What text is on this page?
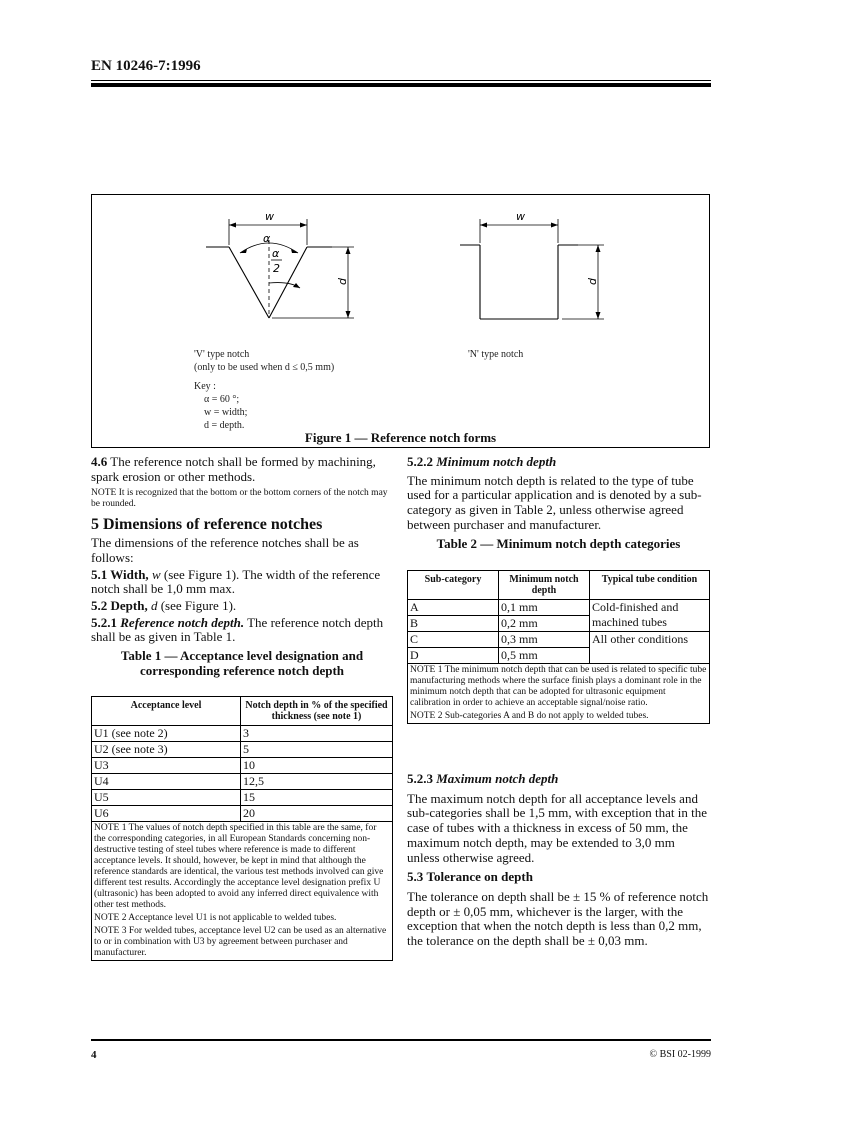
EN 10246-7:1996
w
α
α
2
d
w
d
'V' type notch
(only to be used when d ≤ 0,5 mm)
Key :
α = 60 °;
w = width;
d = depth.
'N' type notch
Figure 1 — Reference notch forms

4.6 The reference notch shall be formed by machining, spark erosion or other methods.

NOTE It is recognized that the bottom or the bottom corners of the notch may be rounded.

5 Dimensions of reference notches

The dimensions of the reference notches shall be as follows:

5.1 Width, w (see Figure 1). The width of the reference notch shall be 1,0 mm max.

5.2 Depth, d (see Figure 1).

5.2.1 Reference notch depth. The reference notch depth shall be as given in Table 1.

Table 1 — Acceptance level designation and
corresponding reference notch depth
Acceptance level	Notch depth in % of the specified thickness (see note 1)
U1 (see note 2)	3
U2 (see note 3)	5
U3	10
U4	12,5
U5	15
U6	20
NOTE 1 The values of notch depth specified in this table are the same, for the corresponding categories, in all European Standards concerning non-destructive testing of steel tubes where reference is made to different acceptance levels. It should, however, be kept in mind that although the reference standards are identical, the various test methods involved can give different test results. Accordingly the acceptance level designation prefix U (ultrasonic) has been adopted to avoid any inferred direct equivalence with other test methods.
NOTE 2 Acceptance level U1 is not applicable to welded tubes.
NOTE 3 For welded tubes, acceptance level U2 can be used as an alternative to or in combination with U3 by agreement between purchaser and manufacturer.

5.2.2 Minimum notch depth

The minimum notch depth is related to the type of tube used for a particular application and is denoted by a sub-category as given in Table 2, unless otherwise agreed between purchaser and manufacturer.

Table 2 — Minimum notch depth categories
Sub-category	Minimum notch depth	Typical tube condition
A	0,1 mm	Cold-finished and machined tubes
B	0,2 mm	
C	0,3 mm	All other conditions
D	0,5 mm	
NOTE 1 The minimum notch depth that can be used is related to specific tube manufacturing methods where the surface finish plays a dominant role in the minimum notch depth that can be adopted for ultrasonic equipment calibration in order to achieve an acceptable signal/noise ratio.
NOTE 2 Sub-categories A and B do not apply to welded tubes.

5.2.3 Maximum notch depth

The maximum notch depth for all acceptance levels and sub-categories shall be 1,5 mm, with exception that in the case of tubes with a thickness in excess of 50 mm, the maximum notch depth, may be extended to 3,0 mm unless otherwise agreed.

5.3 Tolerance on depth

The tolerance on depth shall be ± 15 % of reference notch depth or ± 0,05 mm, whichever is the larger, with the exception that when the notch depth is less than 0,2 mm, the tolerance on the depth shall be ± 0,03 mm.

4	© BSI 02-1999
